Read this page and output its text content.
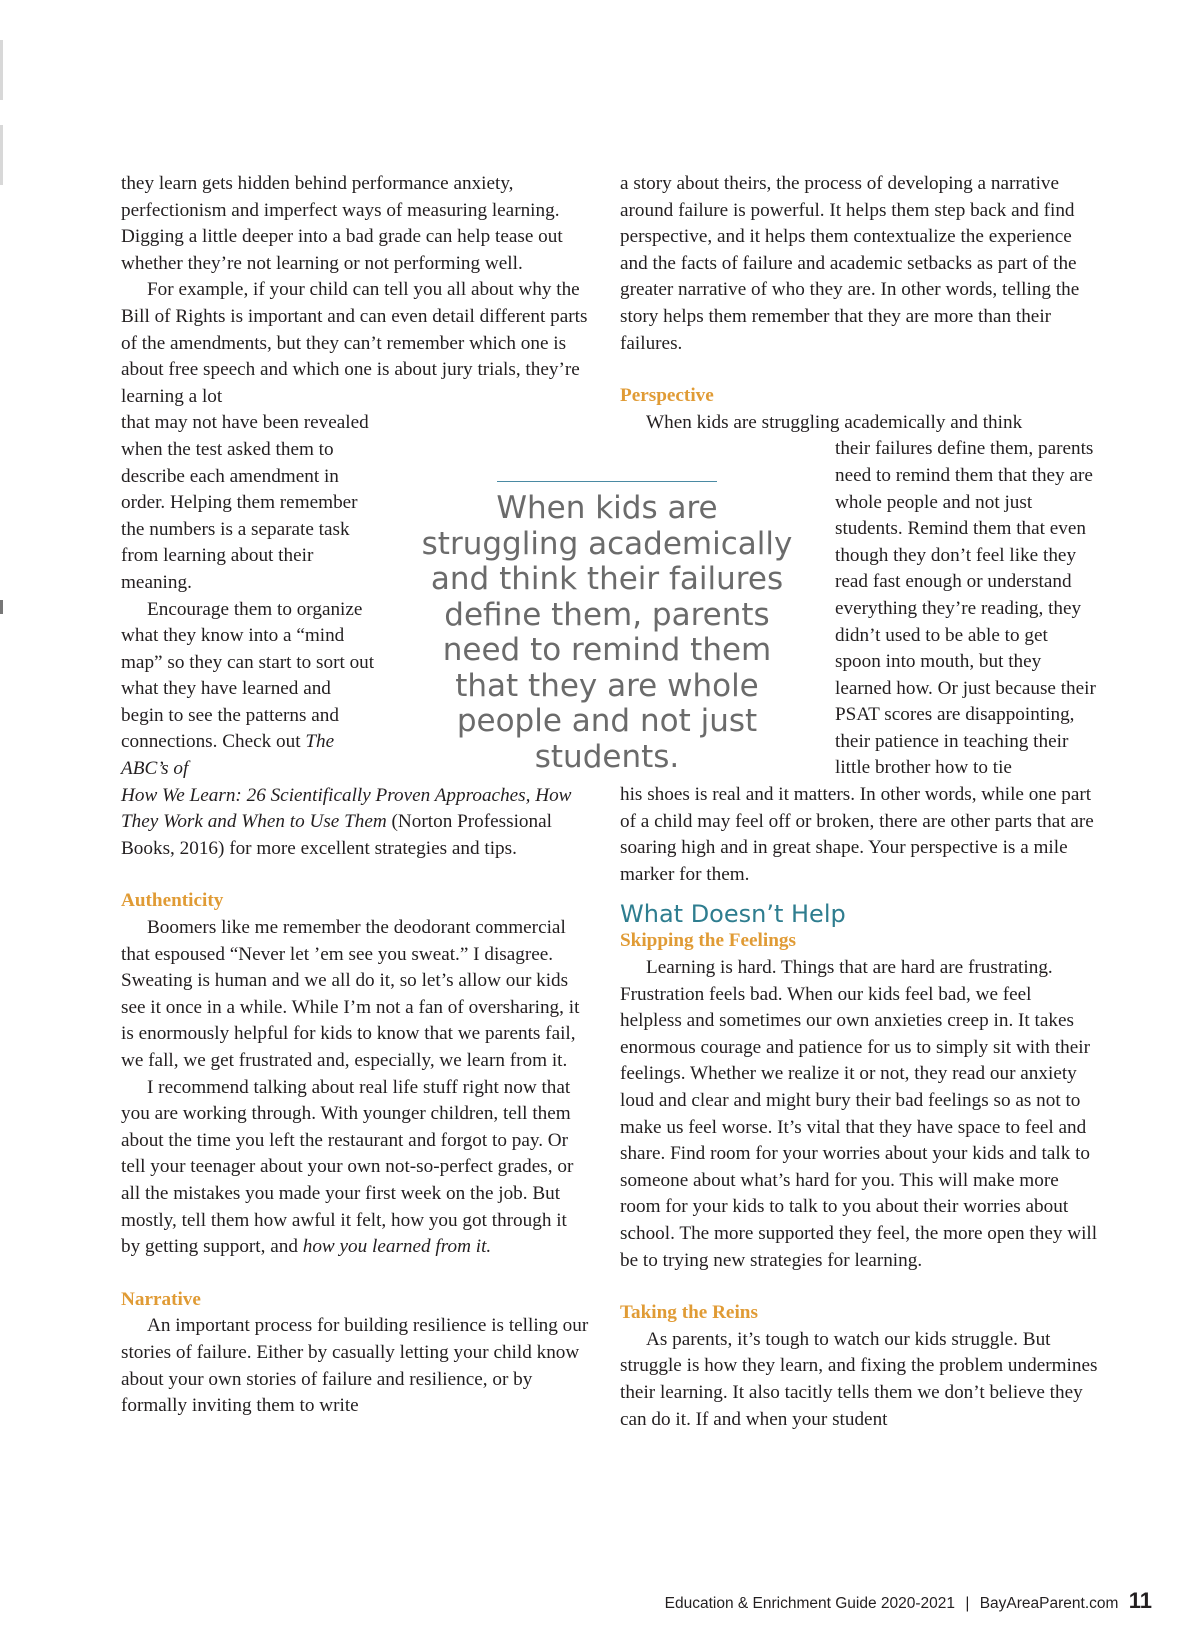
they learn gets hidden behind performance anxiety, perfectionism and imperfect ways of measuring learning. Digging a little deeper into a bad grade can help tease out whether they’re not learning or not performing well.

For example, if your child can tell you all about why the Bill of Rights is important and can even detail different parts of the amendments, but they can’t remember which one is about free speech and which one is about jury trials, they’re learning a lot

that may not have been revealed when the test asked them to describe each amendment in order. Helping them remember the numbers is a separate task from learning about their meaning.

Encourage them to organize what they know into a “mind map” so they can start to sort out what they have learned and begin to see the patterns and connections. Check out The ABC’s of

How We Learn: 26 Scientifically Proven Approaches, How They Work and When to Use Them (Norton Professional Books, 2016) for more excellent strategies and tips.

Authenticity

Boomers like me remember the deodorant commercial that espoused “Never let ’em see you sweat.” I disagree. Sweating is human and we all do it, so let’s allow our kids see it once in a while. While I’m not a fan of oversharing, it is enormously helpful for kids to know that we parents fail, we fall, we get frustrated and, especially, we learn from it.

I recommend talking about real life stuff right now that you are working through. With younger children, tell them about the time you left the restaurant and forgot to pay. Or tell your teenager about your own not-so-perfect grades, or all the mistakes you made your first week on the job. But mostly, tell them how awful it felt, how you got through it by getting support, and how you learned from it.

Narrative

An important process for building resilience is telling our stories of failure. Either by casually letting your child know about your own stories of failure and resilience, or by formally inviting them to write

When kids are struggling academically and think their failures define them, parents need to remind them that they are whole people and not just students.

a story about theirs, the process of developing a narrative around failure is powerful. It helps them step back and find perspective, and it helps them contextualize the experience and the facts of failure and academic setbacks as part of the greater narrative of who they are. In other words, telling the story helps them remember that they are more than their failures.

Perspective

When kids are struggling academically and think

their failures define them, parents need to remind them that they are whole people and not just students. Remind them that even though they don’t feel like they read fast enough or understand everything they’re reading, they didn’t used to be able to get spoon into mouth, but they learned how. Or just because their PSAT scores are disappointing, their patience in teaching their little brother how to tie

his shoes is real and it matters. In other words, while one part of a child may feel off or broken, there are other parts that are soaring high and in great shape. Your perspective is a mile marker for them.

What Doesn’t Help

Skipping the Feelings

Learning is hard. Things that are hard are frustrating. Frustration feels bad. When our kids feel bad, we feel helpless and sometimes our own anxieties creep in. It takes enormous courage and patience for us to simply sit with their feelings. Whether we realize it or not, they read our anxiety loud and clear and might bury their bad feelings so as not to make us feel worse. It’s vital that they have space to feel and share. Find room for your worries about your kids and talk to someone about what’s hard for you. This will make more room for your kids to talk to you about their worries about school. The more supported they feel, the more open they will be to trying new strategies for learning.

Taking the Reins

As parents, it’s tough to watch our kids struggle. But struggle is how they learn, and fixing the problem undermines their learning. It also tacitly tells them we don’t believe they can do it. If and when your student

Education & Enrichment Guide 2020-2021 | BayAreaParent.com 11
